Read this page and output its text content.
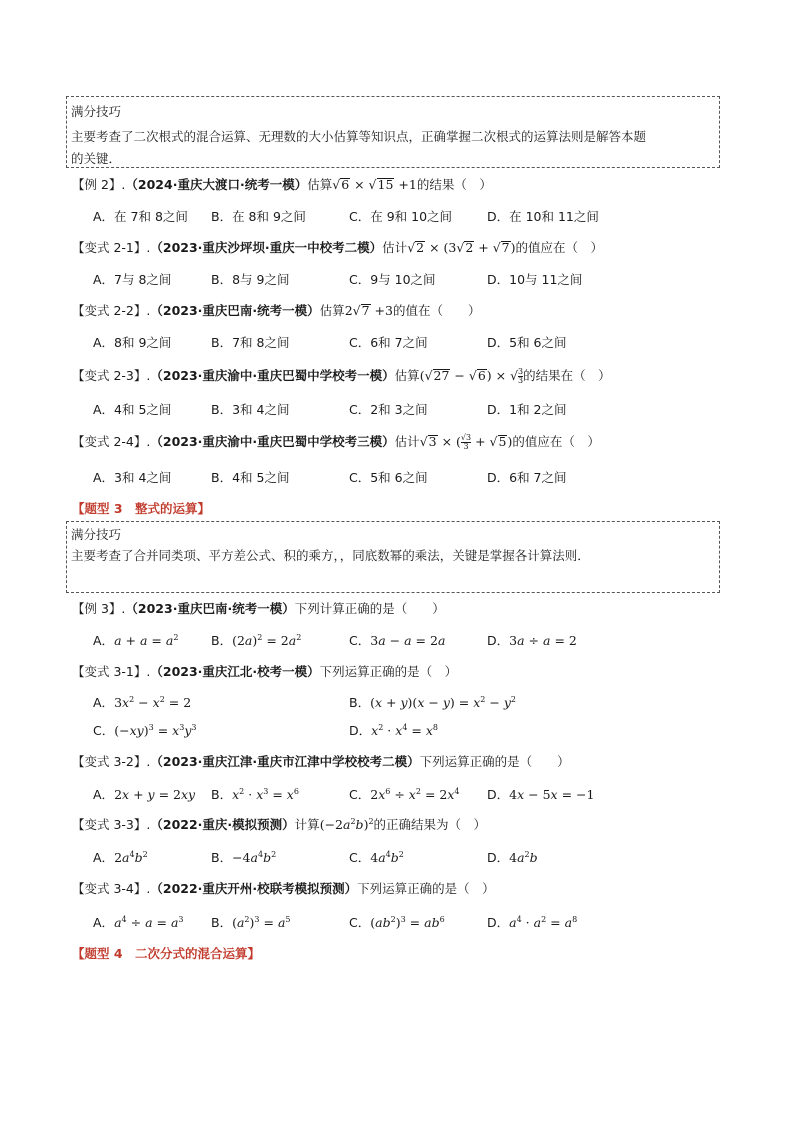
满分技巧
主要考查了二次根式的混合运算、无理数的大小估算等知识点，正确掌握二次根式的运算法则是解答本题
的关键．
【例 2】.（2024·重庆大渡口·统考一模）估算√6 × √15 +1的结果（　）
A．在 7和 8之间 B．在 8和 9之间	C．在 9和 10之间	D．在 10和 11之间
【变式 2-1】.（2023·重庆沙坪坝·重庆一中校考二模）估计√2 × (3√2 + √7)的值应在（　）
A．7与 8之间	B．8与 9之间	C．9与 10之间	D．10与 11之间
【变式 2-2】.（2023·重庆巴南·统考一模）估算2√7 +3的值在（　　）
A．8和 9之间	B．7和 8之间	C．6和 7之间	D．5和 6之间
【变式 2-3】.（2023·重庆渝中·重庆巴蜀中学校考一模）估算(√27 − √6) × √ $\frac{3}{3}$ 的结果在（　）
A．4和 5之间	B．3和 4之间	C．2和 3之间	D．1和 2之间
【变式 2-4】.（2023·重庆渝中·重庆巴蜀中学校考三模）估计√3 × ( $\frac{√3}{3} + √5$)的值应在（　）
A．3和 4之间	B．4和 5之间	C．5和 6之间	D．6和 7之间
【题型 3　整式的运算】
满分技巧
主要考查了合并同类项、平方差公式、积的乘方，，同底数幂的乘法，关键是掌握各计算法则．
【例 3】.（2023·重庆巴南·统考一模）下列计算正确的是（　　）
A．$a + a = a^2$	B．$(2a)^2 = 2a^2$	C．3a − a = 2a	D．3a ÷ a = 2
【变式 3-1】.（2023·重庆江北·校考一模）下列运算正确的是（　）
A．$3x^2 - x^2 = 2$	B．$(x + y)(x - y) = x^2 - y^2$
C．$(-xy)^3 = x^3y^3$	D．$x^2 \cdot x^4 = x^8$
【变式 3-2】.（2023·重庆江津·重庆市江津中学校校考二模）下列运算正确的是（　　）
A．2x + y = 2xy B．$x^2 \cdot x^3 = x^6$	C．$2x^6 \div x^2 = 2x^4$ D．4x − 5x = −1
【变式 3-3】.（2022·重庆·模拟预测）计算$(-2a^2b)^2$的正确结果为（　）
A．$2a^4b^2$	B．$-4a^4b^2$	C．$4a^4b^2$	D．$4a^2b$
【变式 3-4】.（2022·重庆开州·校联考模拟预测）下列运算正确的是（　）
A．$a^4 \div a = a^3$ B．$(a^2)^3 = a^5$	C．$(ab^2)^3 = ab^6$	D．$a^4 \cdot a^2 = a^8$
【题型 4　二次分式的混合运算】
